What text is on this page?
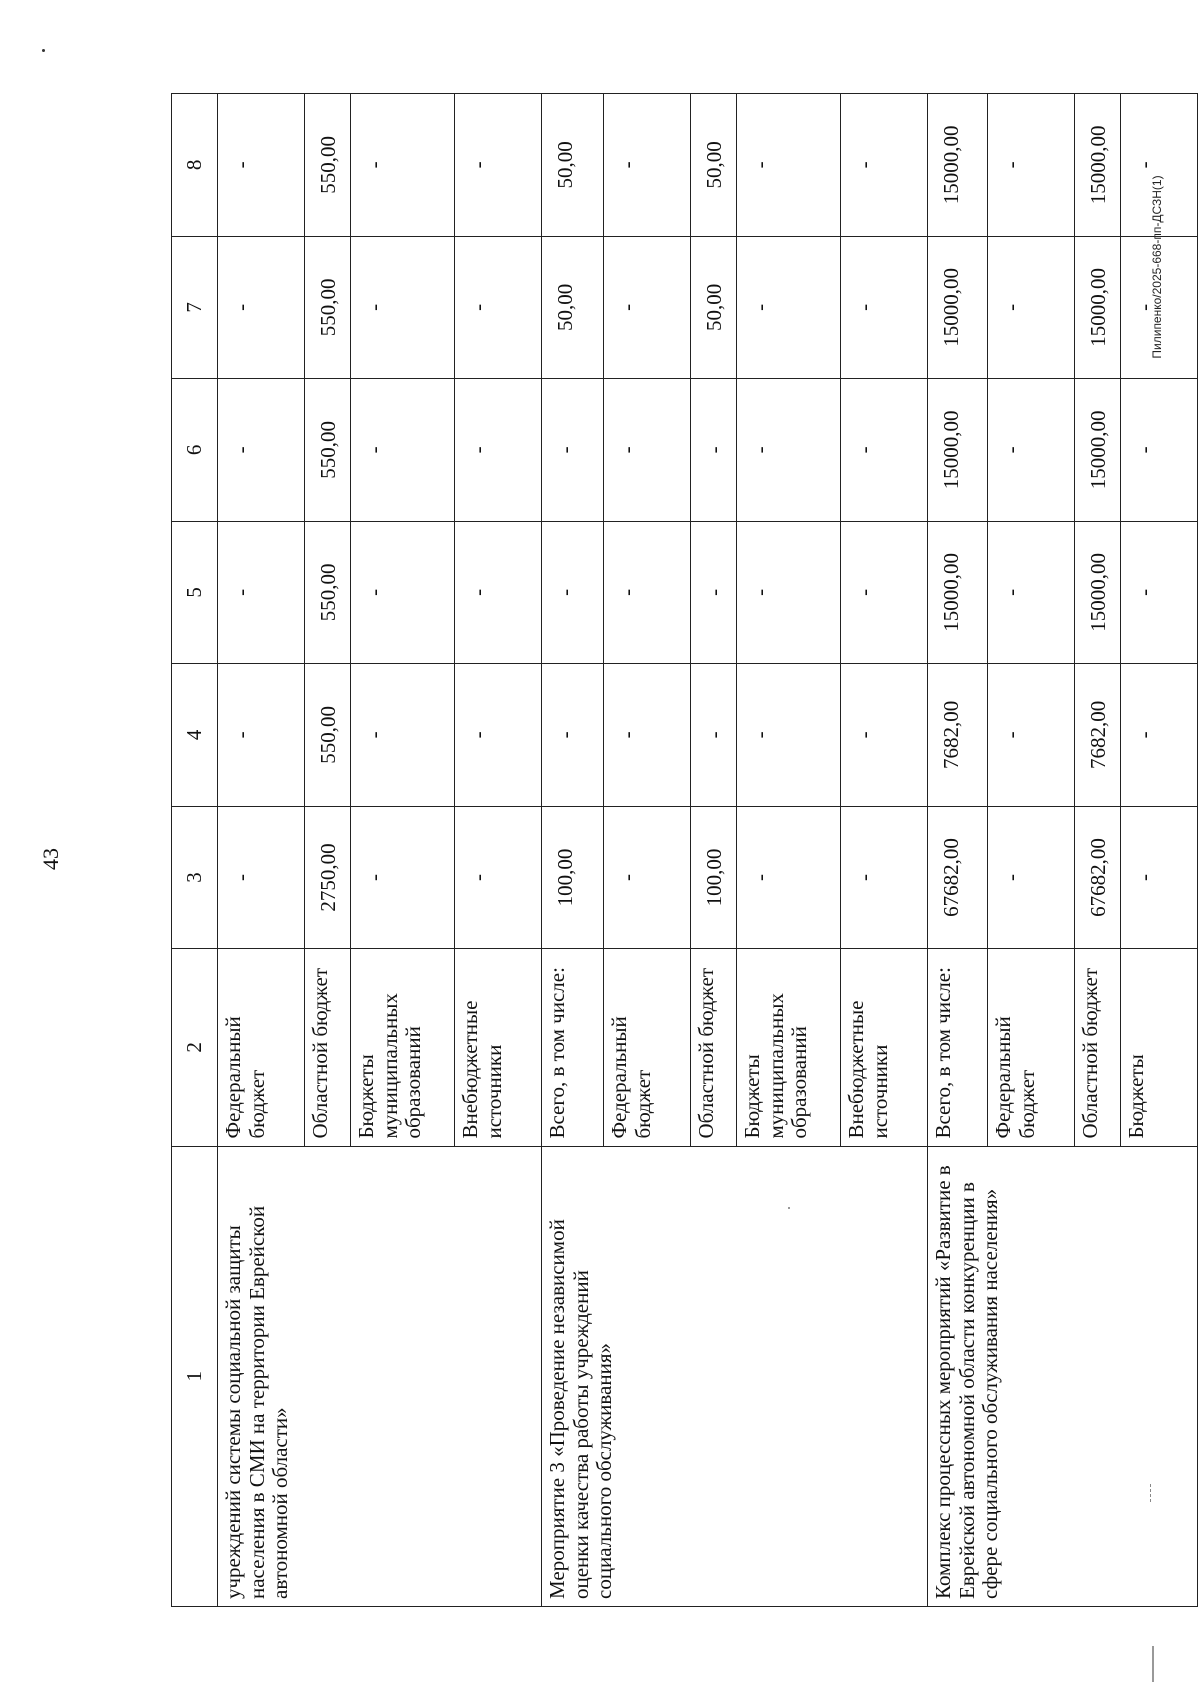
43
1	2	3	4	5	6	7	8

учреждений системы социальной защиты населения в СМИ на территории Еврейской автономной области»	Федеральный бюджет	-	-	-	-	-	-
	Областной бюджет	2750,00	550,00	550,00	550,00	550,00	550,00
	Бюджеты муниципальных образований	-	-	-	-	-	-
	Внебюджетные источники	-	-	-	-	-	-

Мероприятие 3 «Проведение независимой оценки качества работы учреждений социального обслуживания»	Всего, в том числе:	100,00	-	-	-	50,00	50,00
	Федеральный бюджет	-	-	-	-	-	-
	Областной бюджет	100,00	-	-	-	50,00	50,00
	Бюджеты муниципальных образований	-	-	-	-	-	-
	Внебюджетные источники	-	-	-	-	-	-

Комплекс процессных мероприятий «Развитие в Еврейской автономной области конкуренции в сфере социального обслуживания населения»	Всего, в том числе:	67682,00	7682,00	15000,00	15000,00	15000,00	15000,00
	Федеральный бюджет	-	-	-	-	-	-
	Областной бюджет	67682,00	7682,00	15000,00	15000,00	15000,00	15000,00
	Бюджеты	-	-	-	-	-	-
Пилипенко/2025-668-пп-ДСЗН(1)
